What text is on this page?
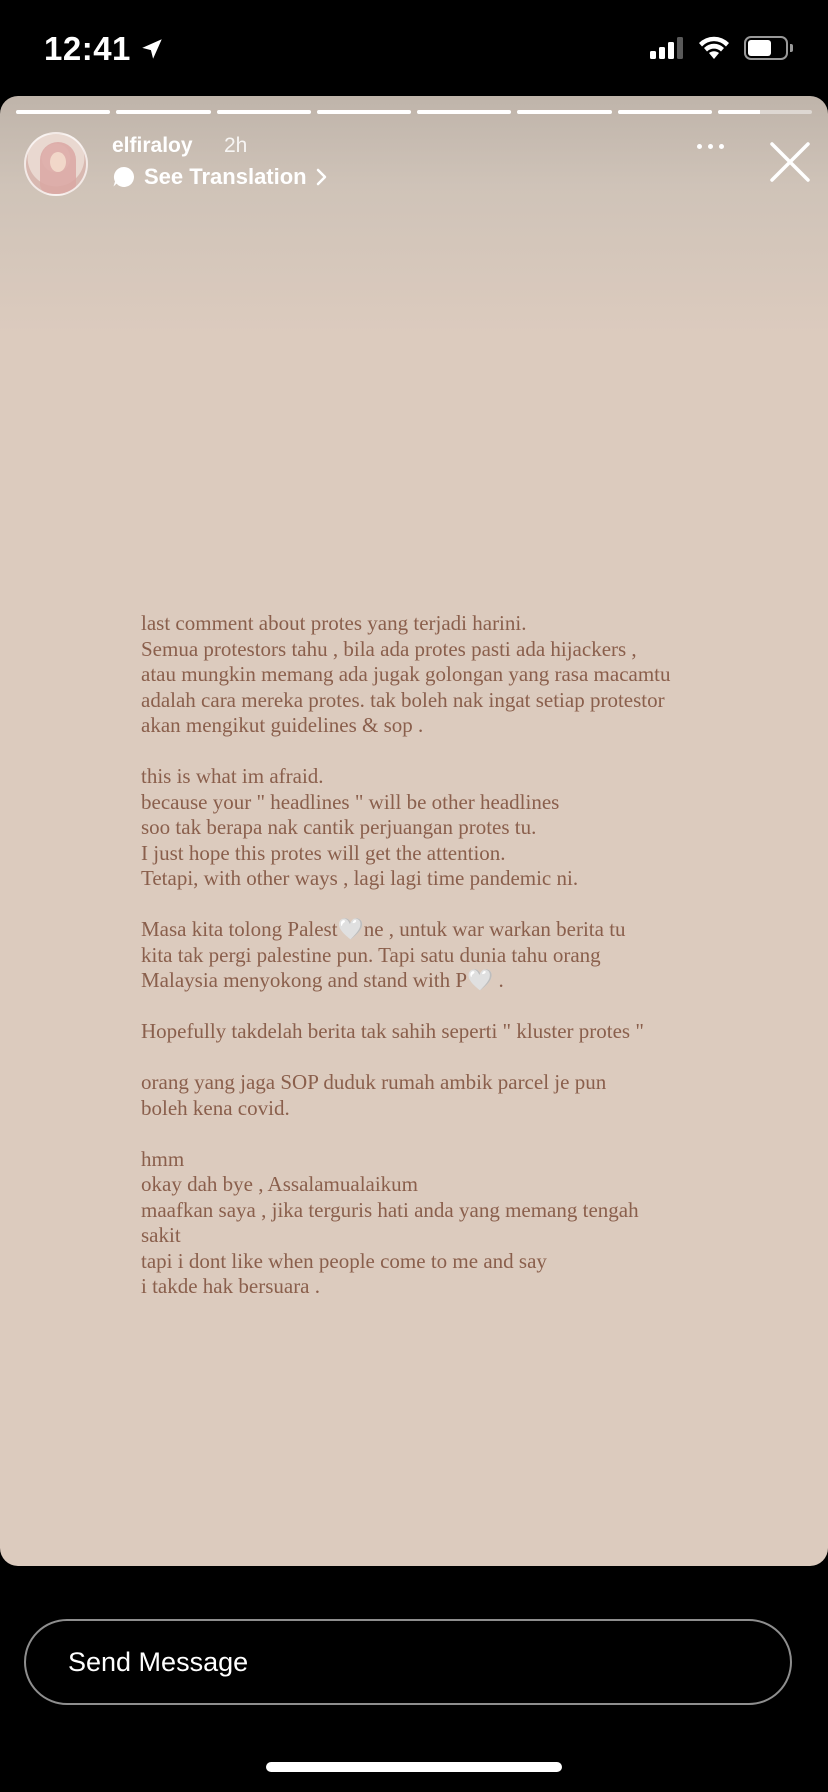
12:41
elfiraloy 2h
See Translation
last comment about protes yang terjadi harini.
Semua protestors tahu , bila ada protes pasti ada hijackers ,
atau mungkin memang ada jugak golongan yang rasa macamtu
adalah cara mereka protes. tak boleh nak ingat setiap protestor
akan mengikut guidelines & sop .
this is what im afraid.
because your " headlines " will be other headlines
soo tak berapa nak cantik perjuangan protes tu.
I just hope this protes will get the attention.
Tetapi, with other ways , lagi lagi time pandemic ni.
Masa kita tolong Palest🤍ne , untuk war warkan berita tu
kita tak pergi palestine pun. Tapi satu dunia tahu orang
Malaysia menyokong and stand with P🤍 .
Hopefully takdelah berita tak sahih seperti " kluster protes "
orang yang jaga SOP duduk rumah ambik parcel je pun
boleh kena covid.
hmm
okay dah bye , Assalamualaikum
maafkan saya , jika terguris hati anda yang memang tengah
sakit
tapi i dont like when people come to me and say
i takde hak bersuara .
Send Message
